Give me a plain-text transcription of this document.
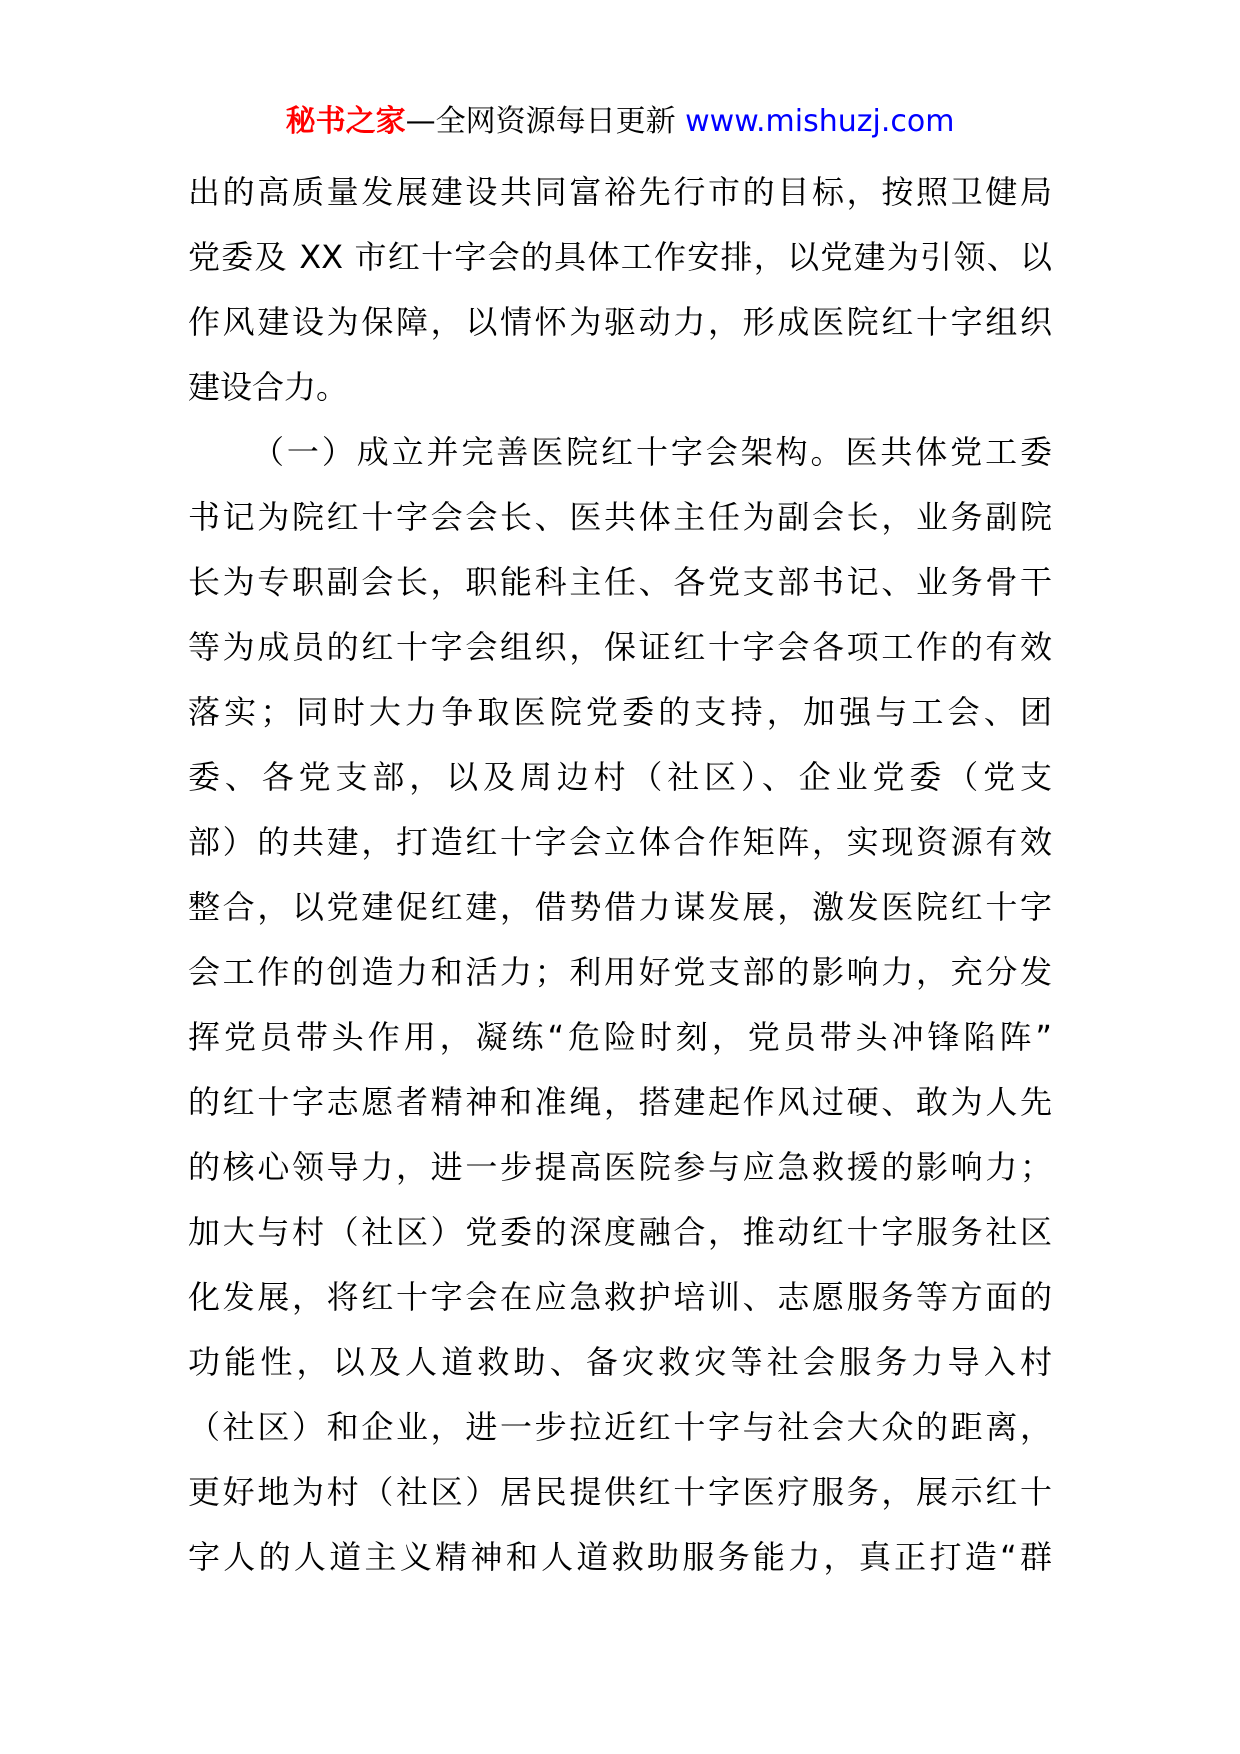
秘书之家—全网资源每日更新 www.mishuzj.com
出的高质量发展建设共同富裕先行市的目标，按照卫健局
党委及 XX 市红十字会的具体工作安排，以党建为引领、以
作风建设为保障，以情怀为驱动力，形成医院红十字组织
建设合力。
（一）成立并完善医院红十字会架构。医共体党工委
书记为院红十字会会长、医共体主任为副会长，业务副院
长为专职副会长，职能科主任、各党支部书记、业务骨干
等为成员的红十字会组织，保证红十字会各项工作的有效
落实；同时大力争取医院党委的支持，加强与工会、团
委、各党支部，以及周边村（社区）、企业党委（党支
部）的共建，打造红十字会立体合作矩阵，实现资源有效
整合，以党建促红建，借势借力谋发展，激发医院红十字
会工作的创造力和活力；利用好党支部的影响力，充分发
挥党员带头作用，凝练“危险时刻，党员带头冲锋陷阵”
的红十字志愿者精神和准绳，搭建起作风过硬、敢为人先
的核心领导力，进一步提高医院参与应急救援的影响力；
加大与村（社区）党委的深度融合，推动红十字服务社区
化发展，将红十字会在应急救护培训、志愿服务等方面的
功能性，以及人道救助、备灾救灾等社会服务力导入村
（社区）和企业，进一步拉近红十字与社会大众的距离，
更好地为村（社区）居民提供红十字医疗服务，展示红十
字人的人道主义精神和人道救助服务能力，真正打造“群
